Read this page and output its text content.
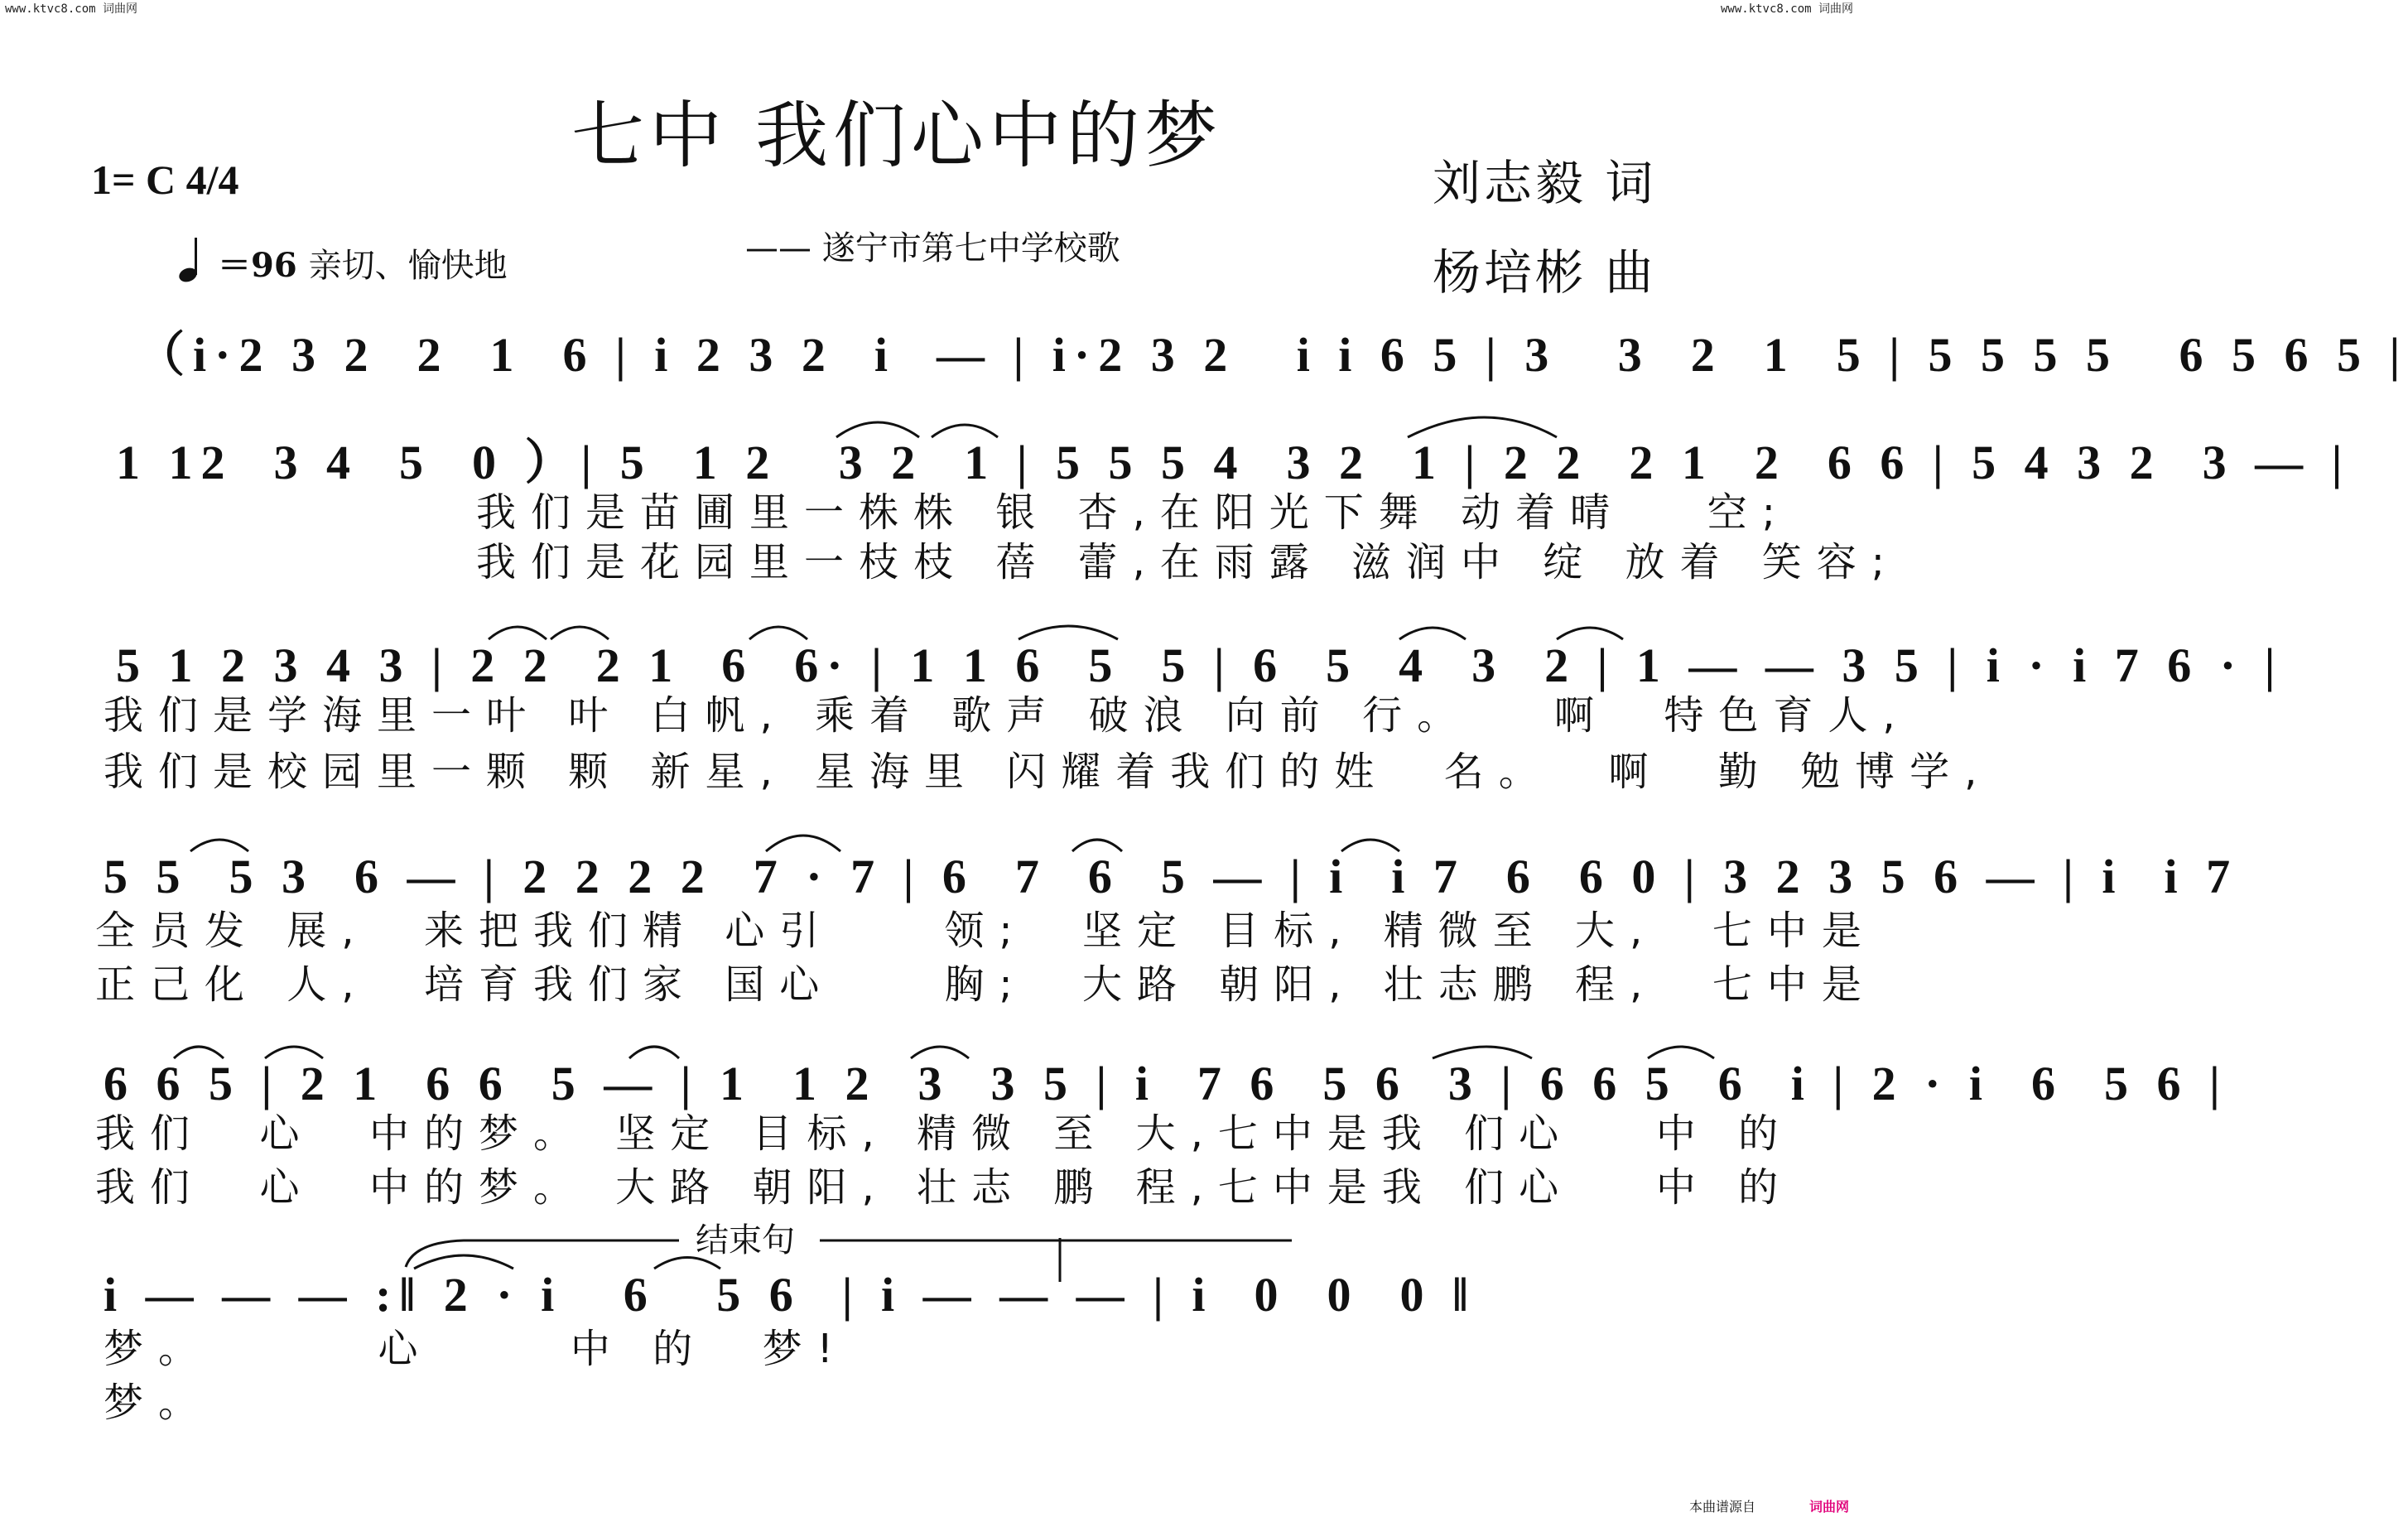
www.ktvc8.com 词曲网	www.ktvc8.com 词曲网
七中 我们心中的梦
1= C 4/4	刘志毅 词
杨培彬 曲
＝96 亲切、愉快地	—— 遂宁市第七中学校歌
（i·2 3 2  2  1  6 | i 2 3 2  i  — | i·2 3 2   i i 6 5 | 3   3  2  1  5 | 5 5 5 5   6 5 6 5 |
1 12  3 4  5  0 ）| 5  1 2   3 2  1 | 5 5 5 4  3 2  1 | 2 2  2 1  2  6 6 | 5 4 3 2  3 — |
我们是苗圃里一株株 银 杏,在阳光下舞 动着晴   空;
我们是花园里一枝枝 蓓 蕾,在雨露 滋润中 绽 放着 笑容;
5 1 2 3 4 3 | 2 2  2 1  6  6· | 1 1 6  5  5 | 6  5  4  3  2 | 1 — — 3 5 | i · i 7 6 · |
我们是学海里一叶 叶 白帆, 乘着 歌声 破浪 向前 行。   啊  特色育人,
我们是校园里一颗 颗 新星, 星海里 闪耀着我们的姓  名。  啊  勤 勉博学,
5 5  5 3  6 — | 2 2 2 2  7 · 7 | 6  7  6  5 — | i  i 7  6  6 0 | 3 2 3 5 6 — | i  i 7
全员发 展,  来把我们精 心引    领;  坚定 目标, 精微至 大,  七中是
正己化 人,  培育我们家 国心    胸;  大路 朝阳, 壮志鹏 程,  七中是
6 6 5 | 2 1  6 6  5 — | 1  1 2  3  3 5 | i  7 6  5 6  3 | 6 6 5  6  i | 2 · i  6  5 6 |
我们  心  中的梦。 坚定 目标, 精微 至 大,七中是我 们心   中 的
我们  心  中的梦。 大路 朝阳, 壮志 鹏 程,七中是我 们心   中 的
结束句
i — — — :‖ 2 · i   6   5 6  | i — — — | i  0  0  0 ‖
梦。      心     中 的  梦!
梦。
本曲谱源自	词曲网
